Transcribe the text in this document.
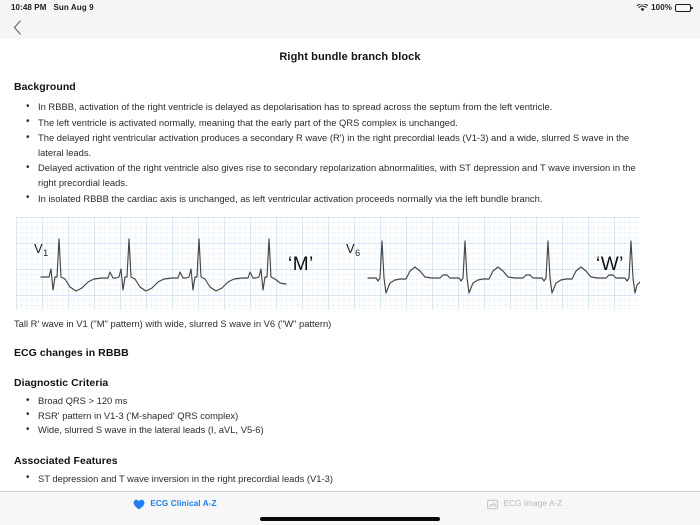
10:48 PM Sun Aug 9	100%
Right bundle branch block
Background
• In RBBB, activation of the right ventricle is delayed as depolarisation has to spread across the septum from the left ventricle.
• The left ventricle is activated normally, meaning that the early part of the QRS complex is unchanged.
• The delayed right ventricular activation produces a secondary R wave (R') in the right precordial leads (V1-3) and a wide, slurred S wave in the lateral leads.
• Delayed activation of the right ventricle also gives rise to secondary repolarization abnormalities, with ST depression and T wave inversion in the right precordial leads.
• In isolated RBBB the cardiac axis is unchanged, as left ventricular activation proceeds normally via the left bundle branch.
$V_1$
‘M’
$V_6$
‘W’
Tall R' wave in V1 ("M" pattern) with wide, slurred S wave in V6 ("W" pattern)
ECG changes in RBBB
Diagnostic Criteria
• Broad QRS > 120 ms
• RSR' pattern in V1-3 ('M-shaped' QRS complex)
• Wide, slurred S wave in the lateral leads (I, aVL, V5-6)
Associated Features
• ST depression and T wave inversion in the right precordial leads (V1-3)
ECG Clinical A-Z	ECG Image A-Z
